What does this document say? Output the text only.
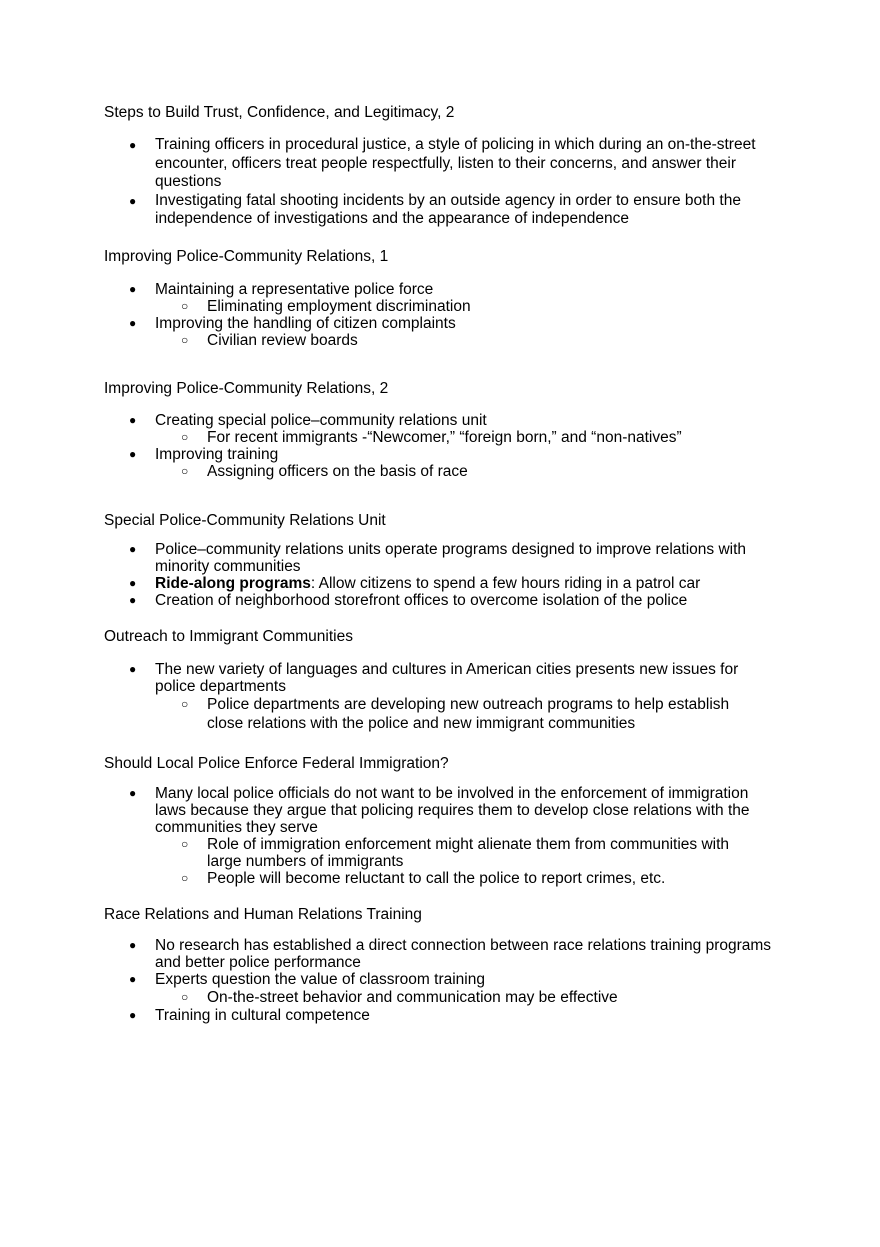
Steps to Build Trust, Confidence, and Legitimacy, 2
● Training officers in procedural justice, a style of policing in which during an on-the-street encounter, officers treat people respectfully, listen to their concerns, and answer their questions
● Investigating fatal shooting incidents by an outside agency in order to ensure both the independence of investigations and the appearance of independence
Improving Police-Community Relations, 1
● Maintaining a representative police force
○ Eliminating employment discrimination
● Improving the handling of citizen complaints
○ Civilian review boards
Improving Police-Community Relations, 2
● Creating special police–community relations unit
○ For recent immigrants -“Newcomer,” “foreign born,” and “non-natives”
● Improving training
○ Assigning officers on the basis of race
Special Police-Community Relations Unit
● Police–community relations units operate programs designed to improve relations with minority communities
● Ride-along programs: Allow citizens to spend a few hours riding in a patrol car
● Creation of neighborhood storefront offices to overcome isolation of the police
Outreach to Immigrant Communities
● The new variety of languages and cultures in American cities presents new issues for police departments
○ Police departments are developing new outreach programs to help establish close relations with the police and new immigrant communities
Should Local Police Enforce Federal Immigration?
● Many local police officials do not want to be involved in the enforcement of immigration laws because they argue that policing requires them to develop close relations with the communities they serve
○ Role of immigration enforcement might alienate them from communities with large numbers of immigrants
○ People will become reluctant to call the police to report crimes, etc.
Race Relations and Human Relations Training
● No research has established a direct connection between race relations training programs and better police performance
● Experts question the value of classroom training
○ On-the-street behavior and communication may be effective
● Training in cultural competence
